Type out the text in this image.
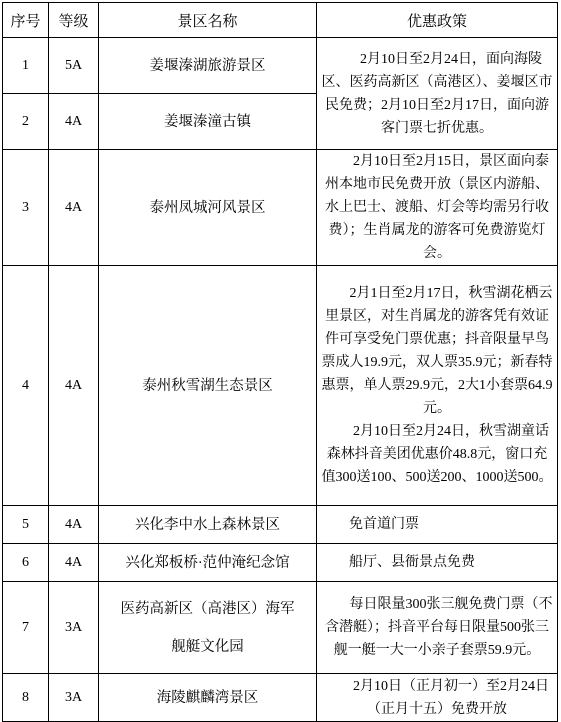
序号	等级	景区名称	优惠政策
1	5A	姜堰溱湖旅游景区	2月10日至2月24日，面向海陵区、医药高新区（高港区）、姜堰区市民免费；2月10日至2月17日，面向游客门票七折优惠。

2	4A	姜堰溱潼古镇	
3	4A	泰州凤城河风景区	2月10日至2月15日，景区面向泰州本地市民免费开放（景区内游船、水上巴士、渡船、灯会等均需另行收费）；生肖属龙的游客可免费游览灯会。

4	4A	泰州秋雪湖生态景区	2月1日至2月17日，秋雪湖花栖云里景区，对生肖属龙的游客凭有效证件可享受免门票优惠；抖音限量早鸟票成人19.9元，双人票35.9元；新春特惠票，单人票29.9元，2大1小套票64.9元。
2月10日至2月24日，秋雪湖童话森林抖音美团优惠价48.8元，窗口充值300送100、500送200、1000送500。

5	4A	兴化李中水上森林景区	免首道门票

6	4A	兴化郑板桥·范仲淹纪念馆	船厅、县衙景点免费

7	3A	医药高新区（高港区）海军
舰艇文化园	每日限量300张三舰免费门票（不含潜艇）；抖音平台每日限量500张三舰一艇一大一小亲子套票59.9元。

8	3A	海陵麒麟湾景区	2月10日（正月初一）至2月24日（正月十五）免费开放
